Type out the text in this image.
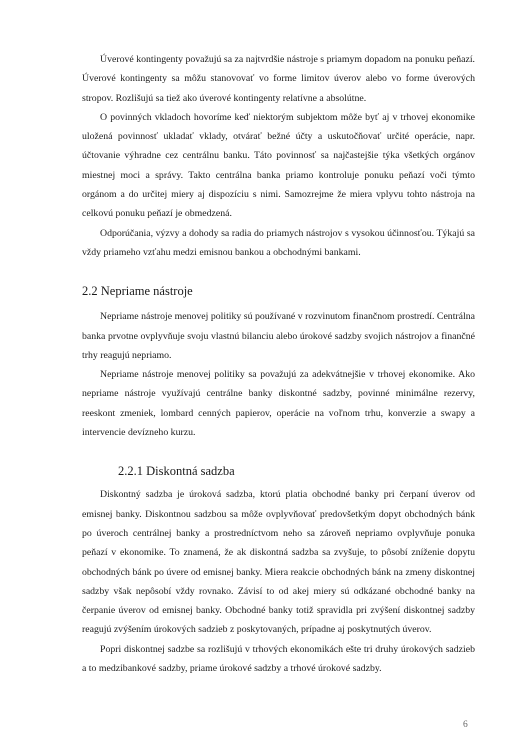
Úverové kontingenty považujú sa za najtvrdšie nástroje s priamym dopadom na ponuku peňazí. Úverové kontingenty sa môžu stanovovať vo forme limitov úverov alebo vo forme úverových stropov. Rozlišujú sa tiež ako úverové kontingenty relatívne a absolútne.

O povinných vkladoch hovoríme keď niektorým subjektom môže byť aj v trhovej ekonomike uložená povinnosť ukladať vklady, otvárať bežné účty a uskutočňovať určité operácie, napr. účtovanie výhradne cez centrálnu banku. Táto povinnosť sa najčastejšie týka všetkých orgánov miestnej moci a správy. Takto centrálna banka priamo kontroluje ponuku peňazí voči týmto orgánom a do určitej miery aj dispozíciu s nimi. Samozrejme že miera vplyvu tohto nástroja na celkovú ponuku peňazí je obmedzená.

Odporúčania, výzvy a dohody sa radia do priamych nástrojov s vysokou účinnosťou. Týkajú sa vždy priameho vzťahu medzi emisnou bankou a obchodnými bankami.

2.2 Nepriame nástroje

Nepriame nástroje menovej politiky sú používané v rozvinutom finančnom prostredí. Centrálna banka prvotne ovplyvňuje svoju vlastnú bilanciu alebo úrokové sadzby svojich nástrojov a finančné trhy reagujú nepriamo.

Nepriame nástroje menovej politiky sa považujú za adekvátnejšie v trhovej ekonomike. Ako nepriame nástroje využívajú centrálne banky diskontné sadzby, povinné minimálne rezervy, reeskont zmeniek, lombard cenných papierov, operácie na voľnom trhu, konverzie a swapy a intervencie devízneho kurzu.

2.2.1 Diskontná sadzba

Diskontný sadzba je úroková sadzba, ktorú platia obchodné banky pri čerpaní úverov od emisnej banky. Diskontnou sadzbou sa môže ovplyvňovať predovšetkým dopyt obchodných bánk po úveroch centrálnej banky a prostredníctvom neho sa zároveň nepriamo ovplyvňuje ponuka peňazí v ekonomike. To znamená, že ak diskontná sadzba sa zvyšuje, to pôsobí zníženie dopytu obchodných bánk po úvere od emisnej banky. Miera reakcie obchodných bánk na zmeny diskontnej sadzby však nepôsobí vždy rovnako. Závisí to od akej miery sú odkázané obchodné banky na čerpanie úverov od emisnej banky. Obchodné banky totiž spravidla pri zvýšení diskontnej sadzby reagujú zvýšením úrokových sadzieb z poskytovaných, prípadne aj poskytnutých úverov.

Popri diskontnej sadzbe sa rozlišujú v trhových ekonomikách ešte tri druhy úrokových sadzieb a to medzibankové sadzby, priame úrokové sadzby a trhové úrokové sadzby.

6
